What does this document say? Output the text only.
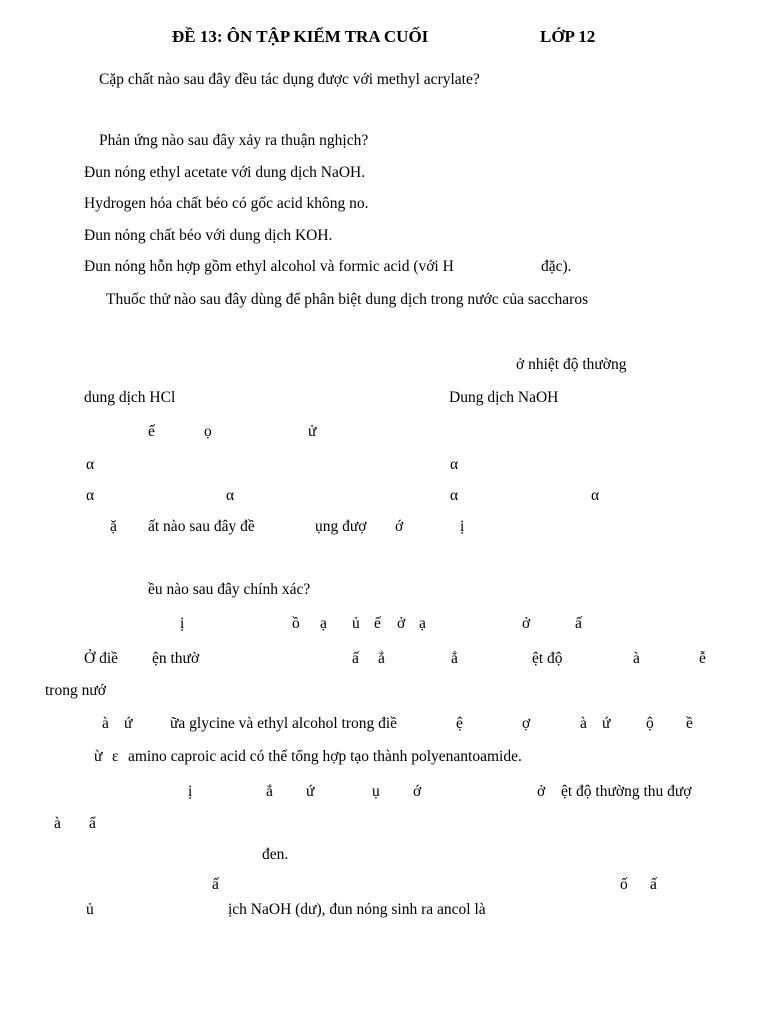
ĐỀ 13: ÔN TẬP KIỂM TRA CUỐI	LỚP 12
Cặp chất nào sau đây đều tác dụng được với methyl acrylate?
Phản ứng nào sau đây xảy ra thuận nghịch?
Đun nóng ethyl acetate với dung dịch NaOH.
Hydrogen hóa chất béo có gốc acid không no.
Đun nóng chất béo với dung dịch KOH.
Đun nóng hỗn hợp gồm ethyl alcohol và formic acid (với H	đặc).
Thuốc thử nào sau đây dùng để phân biệt dung dịch trong nước của saccharos
ở nhiệt độ thường
dung dịch HCl	Dung dịch NaOH
ế	ọ	ử
α	α
α	α	α	α
ặ ất nào sau đây đề	ụng đượ ớ	ị
ều nào sau đây chính xác?
ị	ồ ạ ủ ế ở ạ	ở	ấ
Ở điề ện thườ	ấ ắ	ắ	ệt độ	à	ễ
trong nướ
à ứ ữa glycine và ethyl alcohol trong điề	ệ	ợ	à ứ ộ ề
ừ ε amino caproic acid có thể tổng hợp tạo thành polyenantoamide.
ị	ắ ứ	ụ ớ	ở ệt độ thường thu đượ
à ẩ
đen.
ấ	ố ấ
ủ	ịch NaOH (dư), đun nóng sinh ra ancol là
